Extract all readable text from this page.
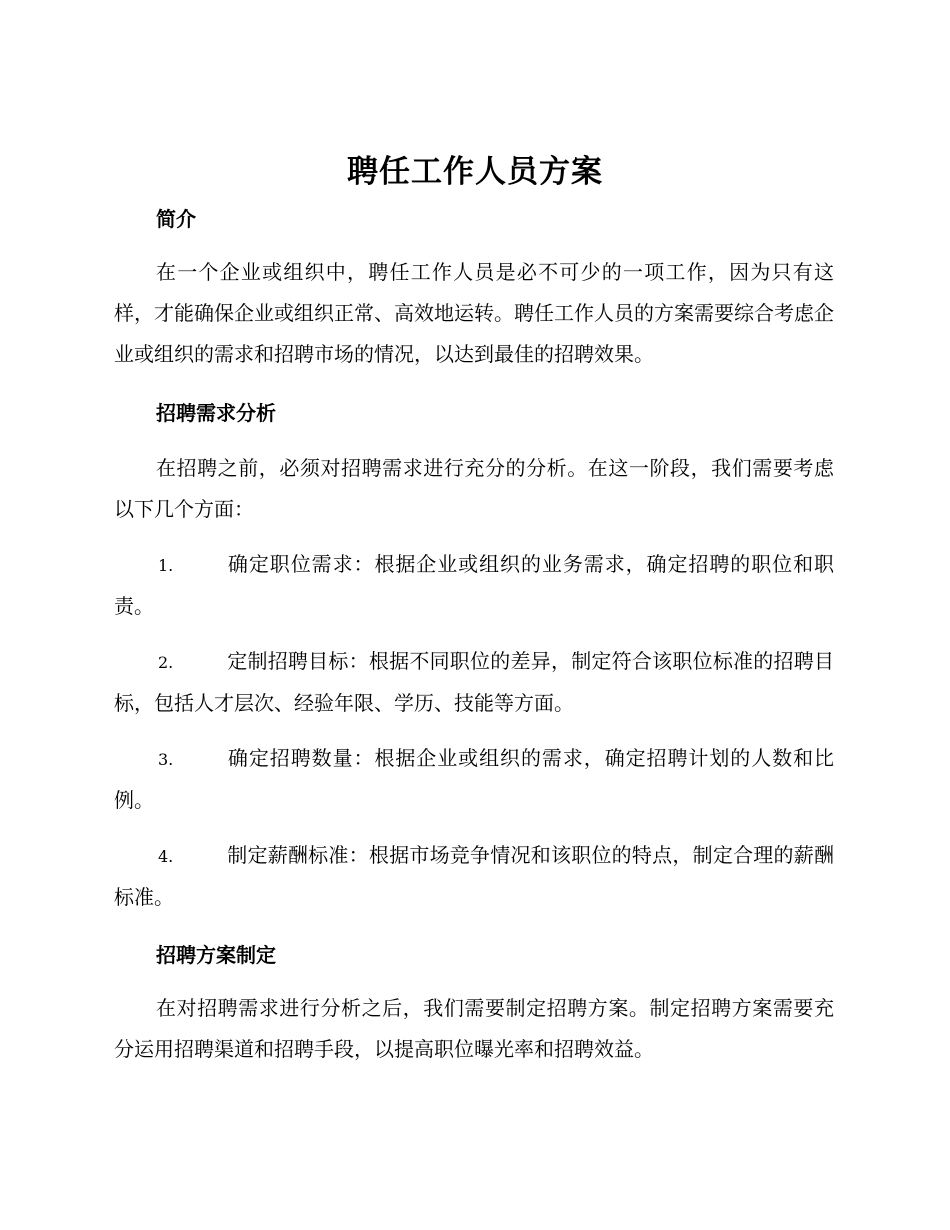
聘任工作人员方案
简介

在一个企业或组织中，聘任工作人员是必不可少的一项工作，因为只有这样，才能确保企业或组织正常、高效地运转。聘任工作人员的方案需要综合考虑企业或组织的需求和招聘市场的情况，以达到最佳的招聘效果。

招聘需求分析

在招聘之前，必须对招聘需求进行充分的分析。在这一阶段，我们需要考虑以下几个方面：

1.	确定职位需求：根据企业或组织的业务需求，确定招聘的职位和职责。

2.	定制招聘目标：根据不同职位的差异，制定符合该职位标准的招聘目标，包括人才层次、经验年限、学历、技能等方面。

3.	确定招聘数量：根据企业或组织的需求，确定招聘计划的人数和比例。

4.	制定薪酬标准：根据市场竞争情况和该职位的特点，制定合理的薪酬标准。

招聘方案制定

在对招聘需求进行分析之后，我们需要制定招聘方案。制定招聘方案需要充分运用招聘渠道和招聘手段，以提高职位曝光率和招聘效益。
